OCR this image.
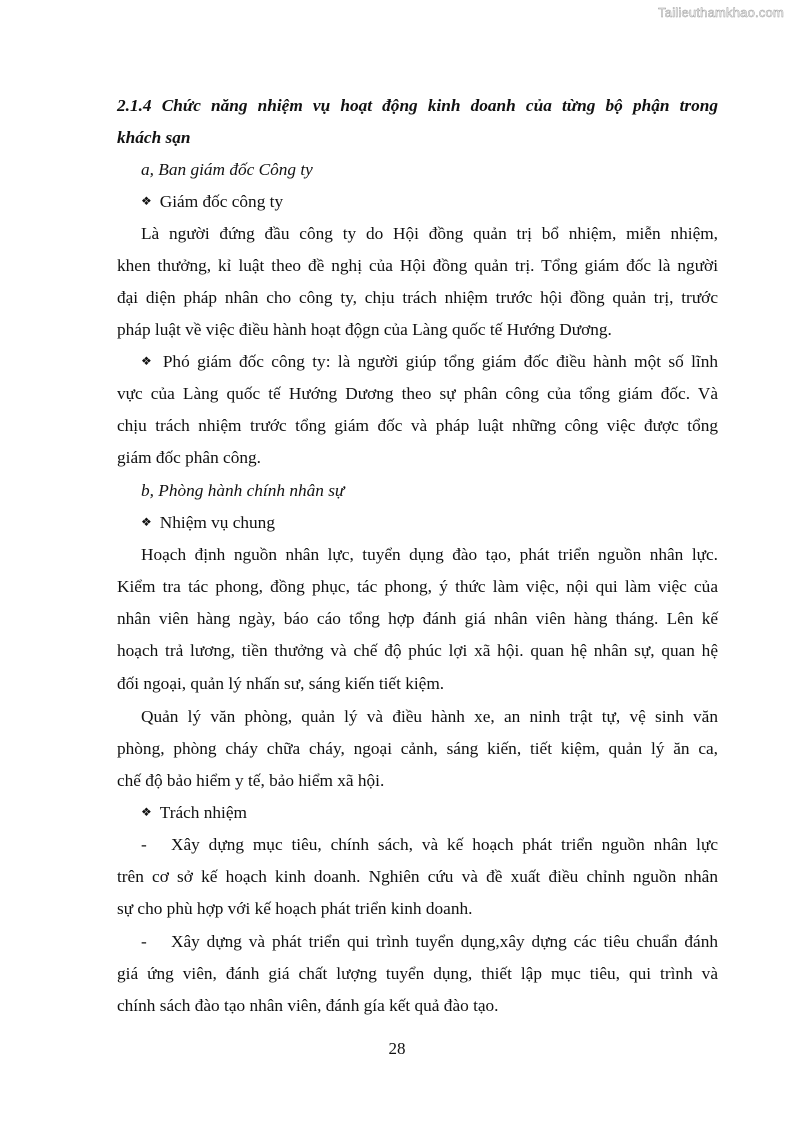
Tailieuthamkhao.com
2.1.4 Chức năng nhiệm vụ hoạt động kinh doanh của từng bộ phận trong
khách sạn
a, Ban giám đốc Công ty
❖ Giám đốc công ty
Là người đứng đầu công ty do Hội đồng quản trị bổ nhiệm, miễn nhiệm,
khen thưởng, kỉ luật theo đề nghị của Hội đồng quản trị. Tổng giám đốc là người
đại diện pháp nhân cho công ty, chịu trách nhiệm trước hội đồng quản trị, trước
pháp luật về việc điều hành hoạt độgn của Làng quốc tế Hướng Dương.
❖ Phó giám đốc công ty: là người giúp tổng giám đốc điều hành một số lĩnh
vực của Làng quốc tế Hướng Dương theo sự phân công của tổng giám đốc. Và
chịu trách nhiệm trước tổng giám đốc và pháp luật những công việc được tổng
giám đốc phân công.
b, Phòng hành chính nhân sự
❖ Nhiệm vụ chung
Hoạch định nguồn nhân lực, tuyển dụng đào tạo, phát triển nguồn nhân lực.
Kiểm tra tác phong, đồng phục, tác phong, ý thức làm việc, nội qui làm việc của
nhân viên hàng ngày, báo cáo tổng hợp đánh giá nhân viên hàng tháng. Lên kế
hoạch trả lương, tiền thưởng và chế độ phúc lợi xã hội. quan hệ nhân sự, quan hệ
đối ngoại, quản lý nhấn sư, sáng kiến tiết kiệm.
Quản lý văn phòng, quản lý và điều hành xe, an ninh trật tự, vệ sinh văn
phòng, phòng cháy chữa cháy, ngoại cảnh, sáng kiến, tiết kiệm, quản lý ăn ca,
chế độ bảo hiểm y tế, bảo hiểm xã hội.
❖ Trách nhiệm
-	Xây dựng mục tiêu, chính sách, và kế hoạch phát triển nguồn nhân lực
trên cơ sở kế hoạch kinh doanh. Nghiên cứu và đề xuất điều chỉnh nguồn nhân
sự cho phù hợp với kế hoạch phát triển kinh doanh.
-	Xây dựng và phát triển qui trình tuyển dụng,xây dựng các tiêu chuẩn đánh
giá ứng viên, đánh giá chất lượng tuyển dụng, thiết lập mục tiêu, qui trình và
chính sách đào tạo nhân viên, đánh gía kết quả đào tạo.
28
